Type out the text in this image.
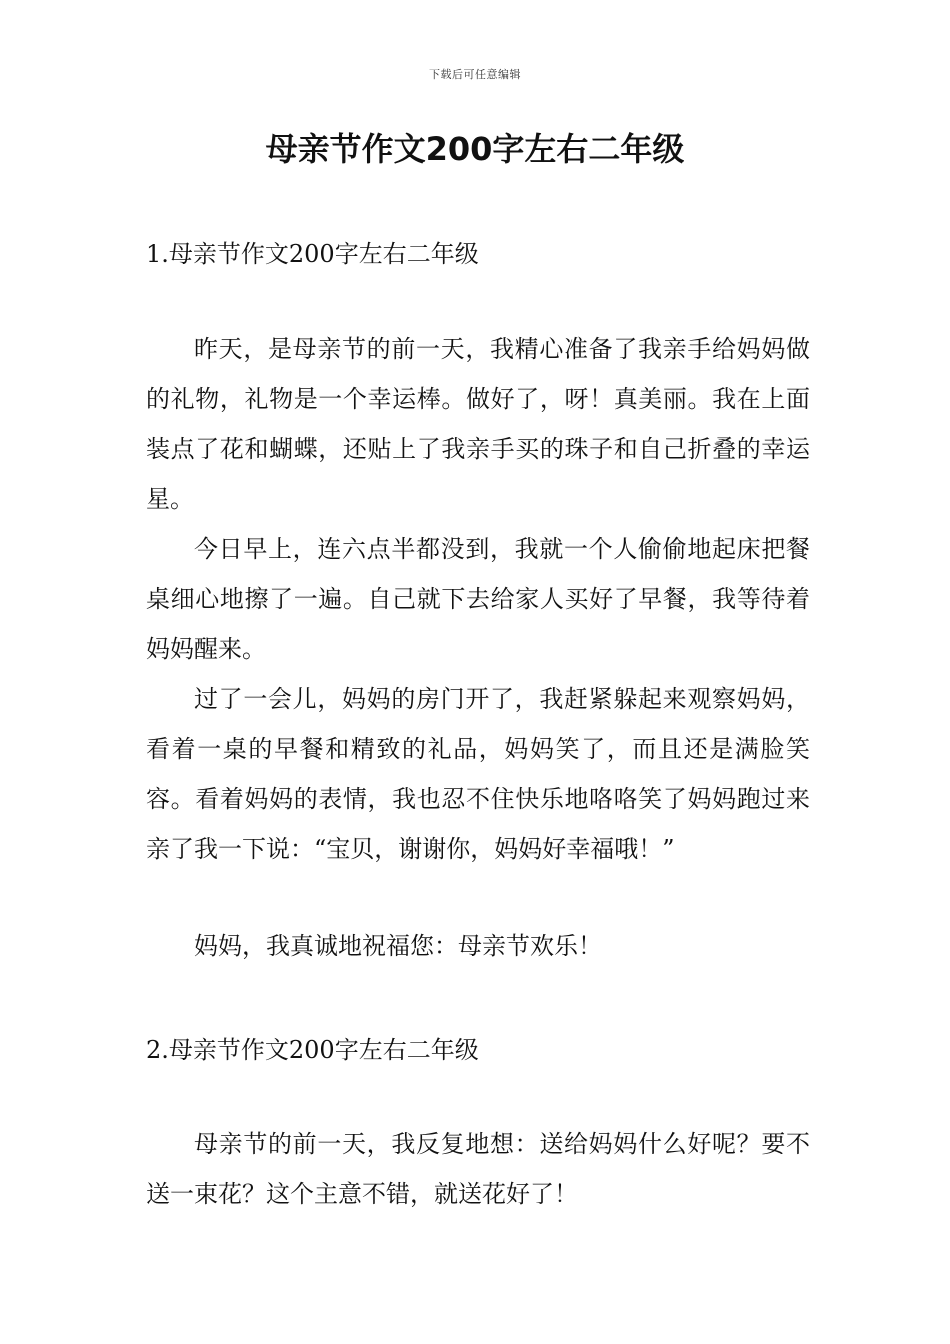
下载后可任意编辑
母亲节作文200字左右二年级
1.母亲节作文200字左右二年级

昨天，是母亲节的前一天，我精心准备了我亲手给妈妈做的礼物，礼物是一个幸运棒。做好了，呀！真美丽。我在上面装点了花和蝴蝶，还贴上了我亲手买的珠子和自己折叠的幸运星。

今日早上，连六点半都没到，我就一个人偷偷地起床把餐桌细心地擦了一遍。自己就下去给家人买好了早餐，我等待着妈妈醒来。

过了一会儿，妈妈的房门开了，我赶紧躲起来观察妈妈，看着一桌的早餐和精致的礼品，妈妈笑了，而且还是满脸笑容。看着妈妈的表情，我也忍不住快乐地咯咯笑了妈妈跑过来亲了我一下说：“宝贝，谢谢你，妈妈好幸福哦！”

妈妈，我真诚地祝福您：母亲节欢乐！

2.母亲节作文200字左右二年级

母亲节的前一天，我反复地想：送给妈妈什么好呢？要不送一束花？这个主意不错，就送花好了！
